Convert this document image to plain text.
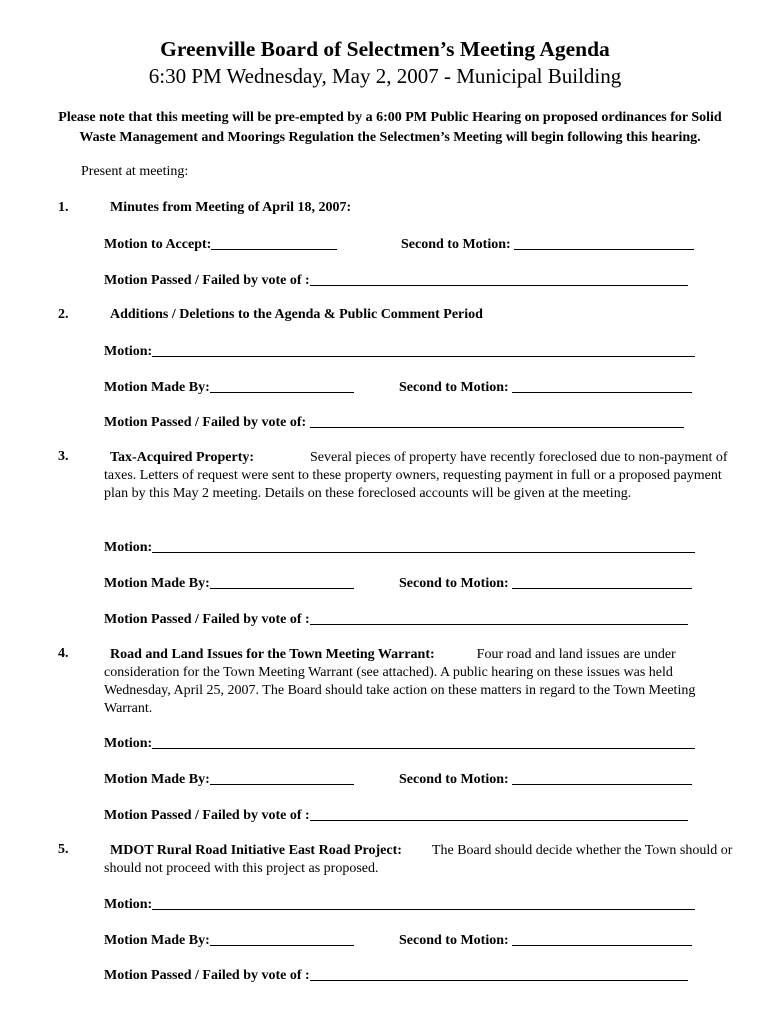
Greenville Board of Selectmen’s Meeting Agenda
6:30 PM Wednesday, May 2, 2007 - Municipal Building
Please note that this meeting will be pre-empted by a 6:00 PM Public Hearing on proposed ordinances for Solid Waste Management and Moorings Regulation the Selectmen’s Meeting will begin following this hearing.
Present at meeting:
1.	Minutes from Meeting of April 18, 2007:
Motion to Accept:	Second to Motion:
Motion Passed / Failed by vote of :
2.	Additions / Deletions to the Agenda & Public Comment Period
Motion:
Motion Made By:	Second to Motion:
Motion Passed / Failed by vote of:
3.	Tax-Acquired Property:	Several pieces of property have recently foreclosed due to non-payment of taxes. Letters of request were sent to these property owners, requesting payment in full or a proposed payment plan by this May 2 meeting. Details on these foreclosed accounts will be given at the meeting.
Motion:
Motion Made By:	Second to Motion:
Motion Passed / Failed by vote of :
4.	Road and Land Issues for the Town Meeting Warrant:	Four road and land issues are under consideration for the Town Meeting Warrant (see attached). A public hearing on these issues was held Wednesday, April 25, 2007. The Board should take action on these matters in regard to the Town Meeting Warrant.
Motion:
Motion Made By:	Second to Motion:
Motion Passed / Failed by vote of :
5.	MDOT Rural Road Initiative East Road Project: The Board should decide whether the Town should or should not proceed with this project as proposed.
Motion:
Motion Made By:	Second to Motion:
Motion Passed / Failed by vote of :
